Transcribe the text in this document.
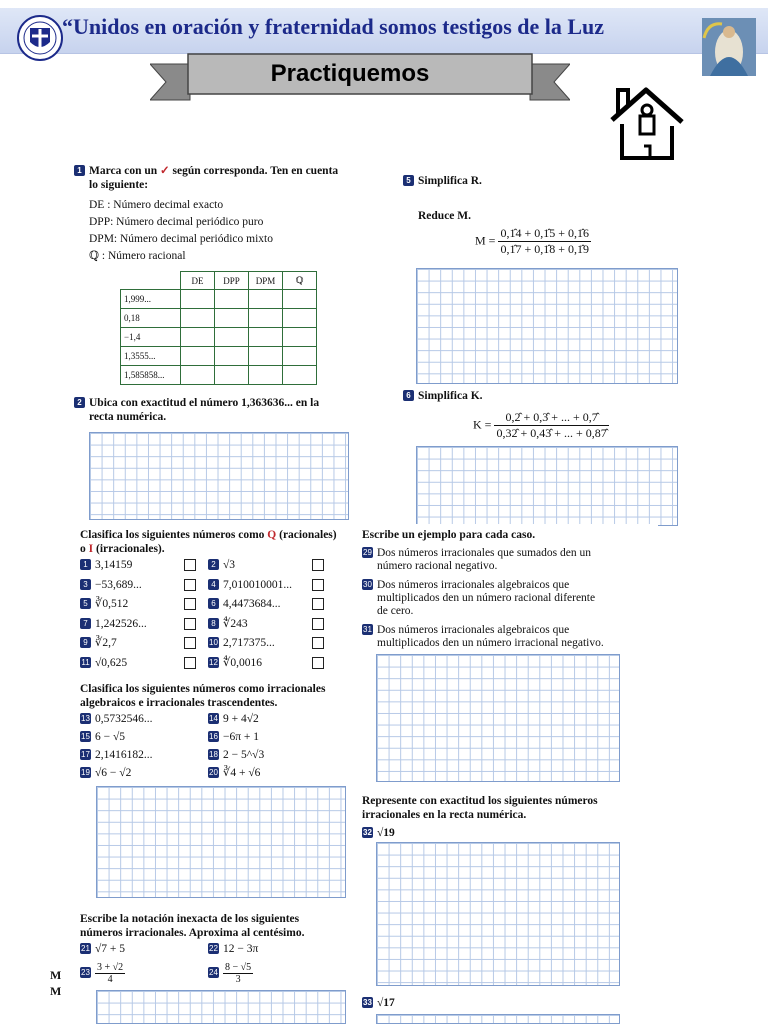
“Unidos en oración y fraternidad somos testigos de la Luz
Practiquemos
1 Marca con un ✓ según corresponda. Ten en cuenta
lo siguiente:
DE : Número decimal exacto
DPP: Número decimal periódico puro
DPM: Número decimal periódico mixto
ℚ : Número racional
	DE	DPP	DPM	ℚ
1,999...				
0,18				
−1,4				
1,3555...				
1,585858...				
2 Ubica con exactitud el número 1,363636... en la
recta numérica.
5 Simplifica R.
Reduce M.
$M = \frac{0,1̂4 + 0,1̂5 + 0,1̂6}{0,1̂7 + 0,1̂8 + 0,1̂9}$
6 Simplifica K.
$K = \frac{0,2̂ + 0,3̂ + ... + 0,7̂}{0,32̂ + 0,43̂ + ... + 0,87̂}$
Clasifica los siguientes números como Q (racionales)
o I (irracionales).
1 3,14159	2 √3
3 −53,689...	4 7,010010001...
5 ∛0,512	6 4,4473684...
7 1,242526...	8 ∜243
9 ∛2,7	10 2,717375...
11 √0,625	12 ∜0,0016
Clasifica los siguientes números como irracionales
algebraicos e irracionales trascendentes.
13 0,5732546...	14 9 + 4√2
15 6 − √5	16 −6π + 1
17 2,1416182...	18 2 − 5^√3
19 √6 − √2	20 ∛4 + √6
Escribe la notación inexacta de los siguientes
números irracionales. Aproxima al centésimo.
21 √7 + 5	22 12 − 3π
$23 \frac{3 + √2}{4}$	$24 \frac{8 - √5}{3}$
M
M
Escribe un ejemplo para cada caso.
29 Dos números irracionales que sumados den un
número racional negativo.
30 Dos números irracionales algebraicos que
multiplicados den un número racional diferente
de cero.
31 Dos números irracionales algebraicos que
multiplicados den un número irracional negativo.
Represente con exactitud los siguientes números
irracionales en la recta numérica.
32 √19
33 √17
